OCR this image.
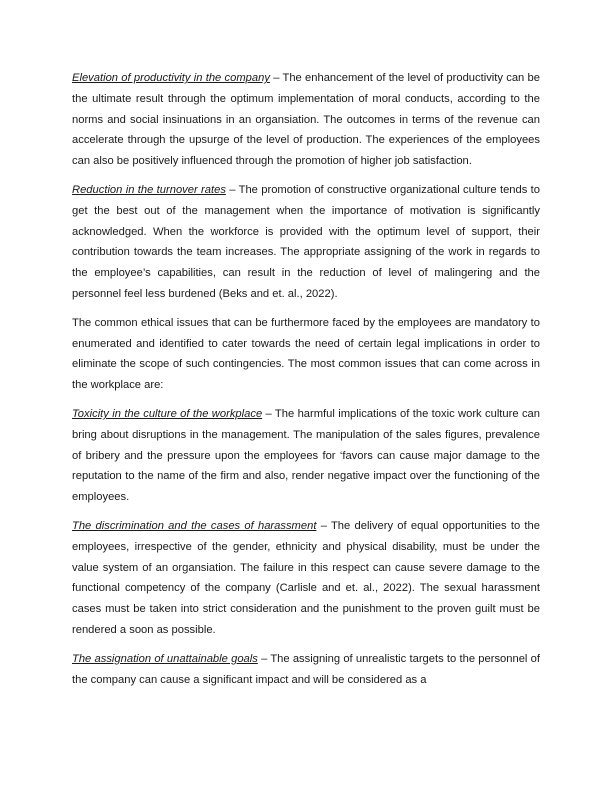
Elevation of productivity in the company – The enhancement of the level of productivity can be the ultimate result through the optimum implementation of moral conducts, according to the norms and social insinuations in an organsiation. The outcomes in terms of the revenue can accelerate through the upsurge of the level of production. The experiences of the employees can also be positively influenced through the promotion of higher job satisfaction.

Reduction in the turnover rates – The promotion of constructive organizational culture tends to get the best out of the management when the importance of motivation is significantly acknowledged. When the workforce is provided with the optimum level of support, their contribution towards the team increases. The appropriate assigning of the work in regards to the employee’s capabilities, can result in the reduction of level of malingering and the personnel feel less burdened (Beks and et. al., 2022).

The common ethical issues that can be furthermore faced by the employees are mandatory to enumerated and identified to cater towards the need of certain legal implications in order to eliminate the scope of such contingencies. The most common issues that can come across in the workplace are:

Toxicity in the culture of the workplace – The harmful implications of the toxic work culture can bring about disruptions in the management. The manipulation of the sales figures, prevalence of bribery and the pressure upon the employees for ‘favors can cause major damage to the reputation to the name of the firm and also, render negative impact over the functioning of the employees.

The discrimination and the cases of harassment – The delivery of equal opportunities to the employees, irrespective of the gender, ethnicity and physical disability, must be under the value system of an organsiation. The failure in this respect can cause severe damage to the functional competency of the company (Carlisle and et. al., 2022). The sexual harassment cases must be taken into strict consideration and the punishment to the proven guilt must be rendered a soon as possible.

The assignation of unattainable goals – The assigning of unrealistic targets to the personnel of the company can cause a significant impact and will be considered as a
